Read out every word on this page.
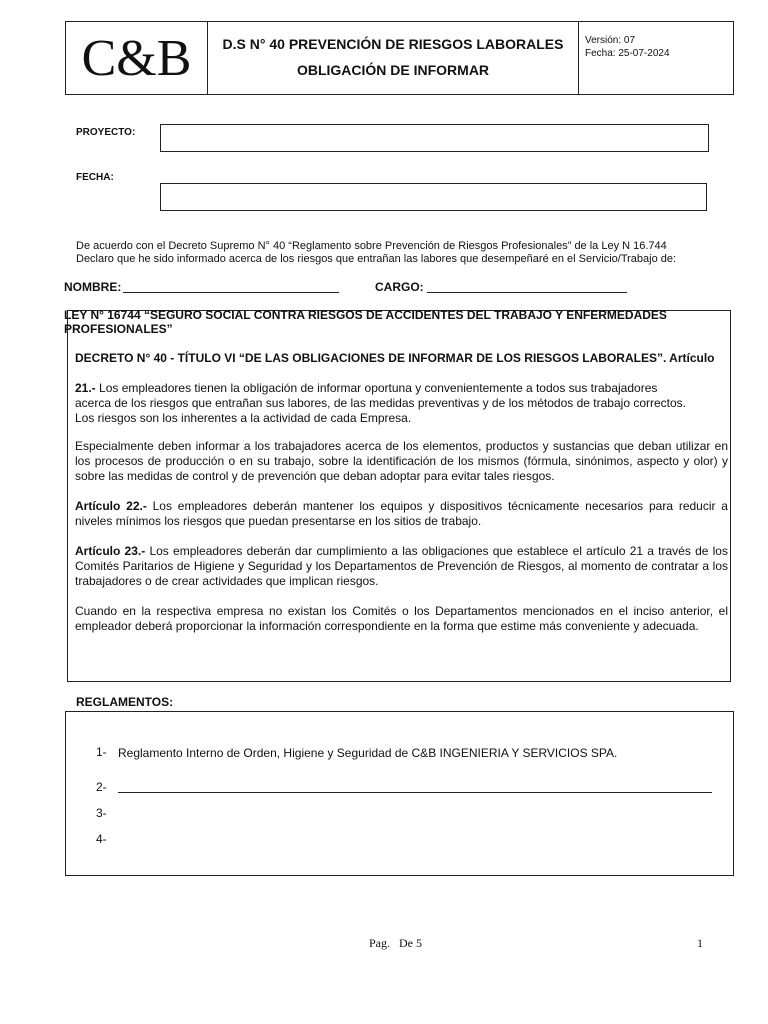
C&B	D.S N° 40 PREVENCIÓN DE RIESGOS LABORALES
OBLIGACIÓN DE INFORMAR
Versión: 07
Fecha: 25-07-2024
PROYECTO:
FECHA:
De acuerdo con el Decreto Supremo N° 40 “Reglamento sobre Prevención de Riesgos Profesionales” de la Ley N 16.744
Declaro que he sido informado acerca de los riesgos que entrañan las labores que desempeñaré en el Servicio/Trabajo de:
NOMBRE:	CARGO:
LEY N° 16744 “SEGURO SOCIAL CONTRA RIESGOS DE ACCIDENTES DEL TRABAJO Y ENFERMEDADES
PROFESIONALES”
DECRETO N° 40 - TÍTULO VI “DE LAS OBLIGACIONES DE INFORMAR DE LOS RIESGOS LABORALES”. Artículo
21.- Los empleadores tienen la obligación de informar oportuna y convenientemente a todos sus trabajadores
acerca de los riesgos que entrañan sus labores, de las medidas preventivas y de los métodos de trabajo correctos.
Los riesgos son los inherentes a la actividad de cada Empresa.
Especialmente deben informar a los trabajadores acerca de los elementos, productos y sustancias que deban utilizar en los procesos de producción o en su trabajo, sobre la identificación de los mismos (fórmula, sinónimos, aspecto y olor) y sobre las medidas de control y de prevención que deban adoptar para evitar tales riesgos.
Artículo 22.- Los empleadores deberán mantener los equipos y dispositivos técnicamente necesarios para reducir a niveles mínimos los riesgos que puedan presentarse en los sitios de trabajo.
Artículo 23.- Los empleadores deberán dar cumplimiento a las obligaciones que establece el artículo 21 a través de los Comités Paritarios de Higiene y Seguridad y los Departamentos de Prevención de Riesgos, al momento de contratar a los trabajadores o de crear actividades que implican riesgos.
Cuando en la respectiva empresa no existan los Comités o los Departamentos mencionados en el inciso anterior, el empleador deberá proporcionar la información correspondiente en la forma que estime más conveniente y adecuada.
REGLAMENTOS:
1- Reglamento Interno de Orden, Higiene y Seguridad de C&B INGENIERIA Y SERVICIOS SPA.
2-
3-
4-
Pag.   De 5	1
